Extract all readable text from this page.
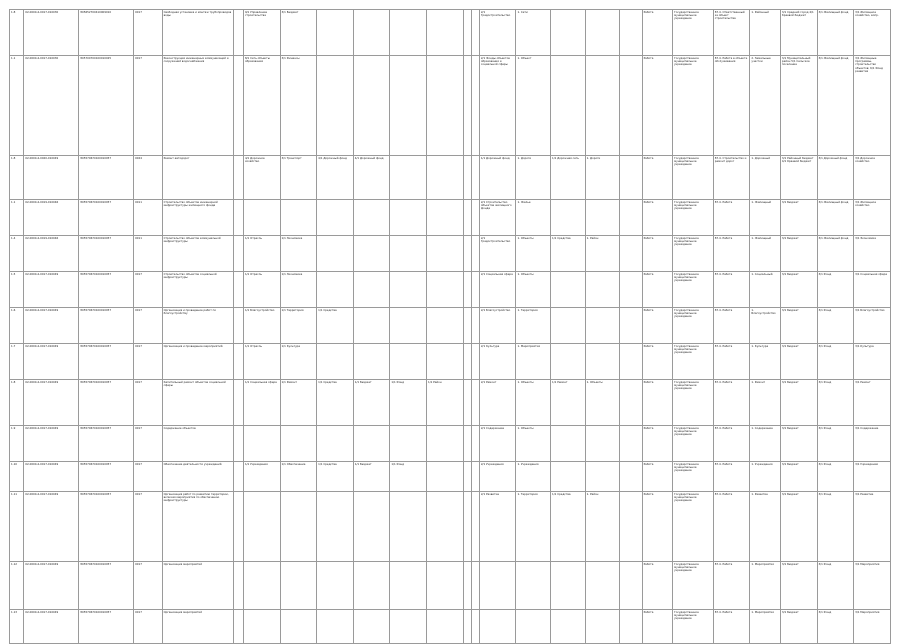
1.8	02-0000-4-0017-010030	Э05652700410009010	0017	Свободная установка и монтаж трубопроводов воды		9/1 Управление строительства	3/1 Бюджет							2/1 Градостроительство	1. Сети				Работа	Государственное муниципальное учреждение	87.4. Ответственный за объект строительства	1. Районный	3/1 Средний город 4/1 Краевой бюджет	3/1 Жилищный фонд	3/1 Жилищное хозяйство, вопр.
1.1	02-0000-4-0017-010030	Э05700700100010025	0017	Реконструкция инженерных коммуникаций и сооружений водоснабжения		8/1 Сеть объекты образования	3/1 Финансы							2/1 Фонды объектов образования и социальной сферы	1. Объект				Работа	Государственное муниципальное учреждение	87.4. Работа в объекте обслуживания	2. Земельные участки	3/1 Муниципальный район 5/1 Сельское поселение	3/1 Жилищный фонд	3/1 Жилищные программы, строительство объектов; 6/1 Фонд развития
1.8	02-0000-4-0020-010049	Э05570670100010057	0024	Ремонт автодорог		4/1 Дорожное хозяйство	3/1 Транспорт	4/1 Дорожный фонд	4/1 Дорожный фонд					1/1 Дорожный фонд	1. Дороги	1/1 Дорожная сеть	1. Дороги		Работа	Государственное муниципальное учреждение	87.4. Строительство и ремонт дорог	1. Дорожный	3/1 Районный бюджет 4/1 Краевой бюджет	3/1 Дорожный фонд	3/1 Дорожное хозяйство
1.1	02-0000-4-0019-010046	Э05570670100010057	0011	Строительство объектов инженерной инфраструктуры жилищного фонда										2/1 Строительство объектов жилищного фонда	1. Жилье				Работа	Государственное муниципальное учреждение	87.4. Работа	1. Жилищный	3/1 Бюджет	3/1 Жилищный фонд	3/1 Жилищное хозяйство
1.4	02-0000-4-0019-010046	Э05570670100010057	0011	Строительство объектов коммунальной инфраструктуры		1/1 Отрасль	1/1 Экономика							2/1 Градостроительство	1. Объекты	1/1 Средства	1. Район		Работа	Государственное муниципальное учреждение	87.4. Работа	1. Жилищный	3/1 Бюджет	3/1 Жилищный фонд	3/1 Экономика
1.5	02-0000-4-0017-010049	Э05570670100010057	0017	Строительство объектов социальной инфраструктуры		1/1 Отрасль	1/1 Экономика							2/1 Социальная сфера	1. Объекты				Работа	Государственное муниципальное учреждение	87.4. Работа	1. Социальный	3/1 Бюджет	3/1 Фонд	3/1 Социальная сфера
1.6	02-0000-4-0017-010049	Э05570670100010057	0017	Организация и проведение работ по благоустройству		1/1 Благоустройство	1/1 Территория	1/1 Средства						2/1 Благоустройство	1. Территория				Работа	Государственное муниципальное учреждение	87.4. Работа	1. Благоустройство	3/1 Бюджет	3/1 Фонд	3/1 Благоустройство
1.7	02-0000-4-0017-010049	Э05570670100010057	0017	Организация и проведение мероприятий		1/1 Отрасль	1/1 Культура							2/1 Культура	1. Мероприятия				Работа	Государственное муниципальное учреждение	87.4. Работа	1. Культура	3/1 Бюджет	3/1 Фонд	3/1 Культура
1.8	02-0000-4-0017-010049	Э05570670100010057	0017	Капитальный ремонт объектов социальной сферы		1/1 Социальная сфера	1/1 Ремонт	1/1 Средства	1/1 Бюджет	1/1 Фонд	1/1 Район			2/1 Ремонт	1. Объекты	1/1 Ремонт	1. Объекты		Работа	Государственное муниципальное учреждение	87.4. Работа	1. Ремонт	3/1 Бюджет	3/1 Фонд	3/1 Ремонт
1.9	02-0000-4-0017-010049	Э05570670100010057	0017	Содержание объектов										2/1 Содержание	1. Объекты				Работа	Государственное муниципальное учреждение	87.4. Работа	1. Содержание	3/1 Бюджет	3/1 Фонд	3/1 Содержание
1.10	02-0000-4-0017-010049	Э05570670100010057	0017	Обеспечение деятельности учреждений		1/1 Учреждения	1/1 Обеспечение	1/1 Средства	1/1 Бюджет	1/1 Фонд				2/1 Учреждения	1. Учреждения				Работа	Государственное муниципальное учреждение	87.4. Работа	1. Учреждения	3/1 Бюджет	3/1 Фонд	3/1 Учреждения
1.11	02-0000-4-0017-010049	Э05570670100010057	0017	Организация работ по развитию территории, включая мероприятия по обеспечению инфраструктуры										2/1 Развитие	1. Территория	1/1 Средства	1. Район		Работа	Государственное муниципальное учреждение	87.4. Работа	1. Развитие	3/1 Бюджет	3/1 Фонд	3/1 Развитие
1.12	02-0000-4-0017-010049	Э05570670100010057	0017	Организация мероприятий															Работа	Государственное муниципальное учреждение	87.4. Работа	1. Мероприятия	3/1 Бюджет	3/1 Фонд	3/1 Мероприятия
1.13	02-0000-4-0017-010049	Э05570670100010057	0017	Организация мероприятий															Работа	Государственное муниципальное учреждение	87.4. Работа	1. Мероприятия	3/1 Бюджет	3/1 Фонд	3/1 Мероприятия
